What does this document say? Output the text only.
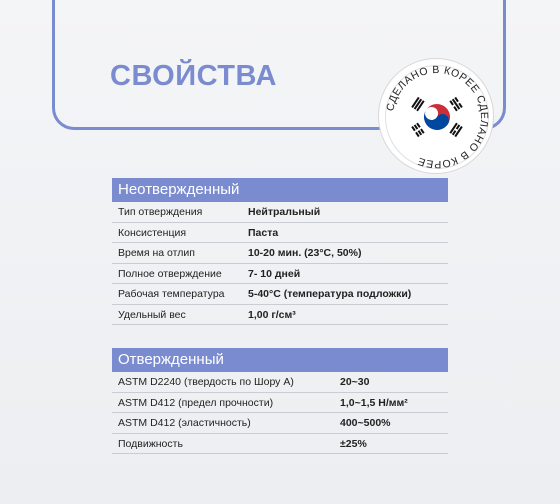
СВОЙСТВА
СДЕЛАНО В КОРЕЕ СДЕЛАНО В КОРЕЕ
Неотвержденный
Тип отверждения	Нейтральный
Консистенция	Паста
Время на отлип	10-20 мин. (23°С, 50%)
Полное отверждение	7- 10 дней
Рабочая температура	5-40°С (температура подложки)
Удельный вес	1,00 г/см³
Отвержденный
ASTM D2240 (твердость по Шору А)	20~30
ASTM D412 (предел прочности)	1,0~1,5 Н/мм²
ASTM D412 (эластичность)	400~500%
Подвижность	±25%
